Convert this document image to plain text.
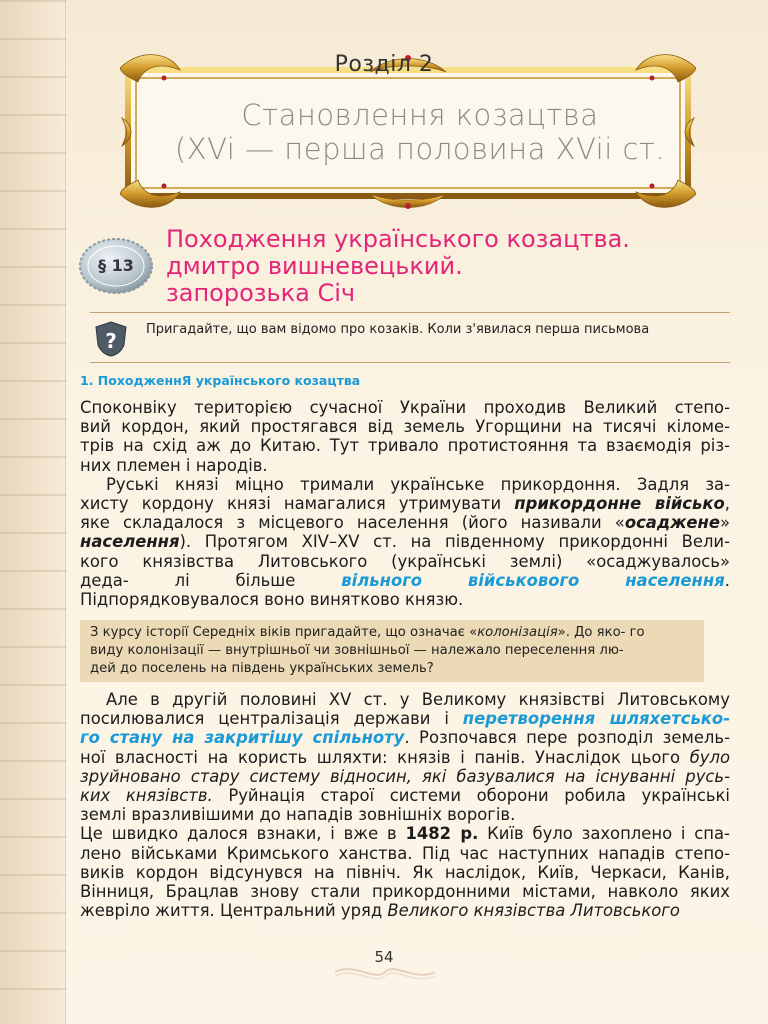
Розділ 2
Становлення козацтва
(XVi — перша половина XVii ст.
§ 13
Походження українського козацтва.
дмитро вишневецький.
запорозька Січ
? Пригадайте, що вам відомо про козаків. Коли з'явилася перша письмова
1. ПоходженнЯ українського козацтва
Споконвіку територією сучасної України проходив Великий степо-
вий кордон, який простягався від земель Угорщини на тисячі кіломе-
трів на схід аж до Китаю. Тут тривало протистояння та взаємодія різ-
них племен і народів.
Руські князі міцно тримали українське прикордоння. Задля за-
хисту кордону князі намагалися утримувати прикордонне військо,
яке складалося з місцевого населення (його називали «осаджене»
населення). Протягом XIV–XV ст. на південному прикордонні Вели-
кого князівства Литовського (українські землі) «осаджувалось»
деда-	лі	більше	вільного	військового	населення.
Підпорядковувалося воно винятково князю.
З курсу історії Середніх віків пригадайте, що означає «колонізація». До яко- го
виду колонізації — внутрішньої чи зовнішньої — належало переселення лю-
дей до поселень на південь українських земель?
Але в другій половині XV ст. у Великому князівстві Литовському
посилювалися централізація держави і перетворення шляхетсько-
го стану на закритішу спільноту. Розпочався пере розподіл земель-
ної власності на користь шляхти: князів і панів. Унаслідок цього було
зруйновано стару систему відносин, які базувалися на існуванні русь-
ких князівств. Руйнація старої системи оборони робила українські
землі вразливішими до нападів зовнішніх ворогів.
Це швидко далося взнаки, і вже в 1482 р. Київ було захоплено і спа-
лено військами Кримського ханства. Під час наступних нападів степо-
виків кордон відсунувся на північ. Як наслідок, Київ, Черкаси, Канів,
Вінниця, Брацлав знову стали прикордонними містами, навколо яких
жевріло життя. Центральний уряд Великого князівства Литовського
54
